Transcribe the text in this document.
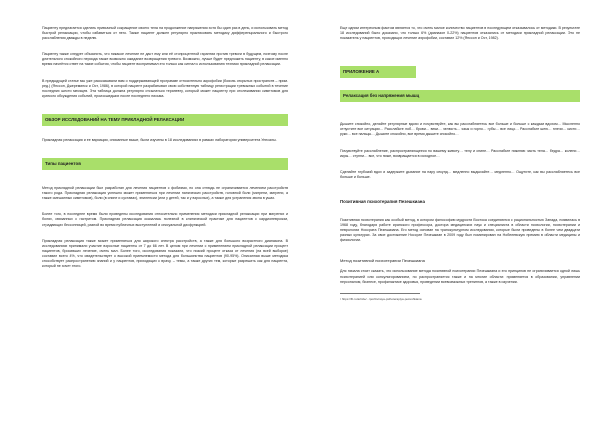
Пациенту предлагается сделать привычный сокращение своего тела на продолжение напряжения хотя бы один раз в день, и использовать метод быстрой релаксации, чтобы избавиться от него. Также пациент должен регулярно практиковать методику дифференциального и быстрого расслабления дважды в неделю.

Пациенту также следует объяснить, что никакое лечение не даст ему или её стопроцентной гарантии против тревоги в будущем, поэтому после длительного спокойного периода также возможно ожидание возвращения тревоги. Возможно, лучше будет предложить пациенту, в какое именно время начнётся ответ на такие события, чтобы пациент воспринимал это только как сигнал к использованию техники прикладной релаксации.

В предыдущей статье мы уже рассказывали вам о поддерживающей программе относительно акрофобии (боязнь открытых пространств – прим. ред.) (Янссон, Джереминск и Ост, 1986), в которой пациент разрабатывал свою собственную таблицу регистрации тревожных событий в течение последних шести месяцев. Эта таблица должна регулярно отсылаться терапевту, который может пациенту при отслеживании симптомов для краткого обсуждения событий, произошедших после последнего письма.

ОБЗОР ИССЛЕДОВАНИЙ НА ТЕМУ ПРИКЛАДНОЙ РЕЛАКСАЦИИ

Прикладная релаксация и ее вариации, описанные выше, были изучены в 18 исследованиях в рамках лаборатории университета Уппсалы.

Типы пациентов

Метод прикладной релаксации был разработан для лечения пациентов с фобиями, но она отнюдь не ограничивается лечением расстройств такого рода. Прикладная релаксация успешно может применяться при лечении панических расстройств, головной боли (мигрени, мигрени, а также смешанных симптомов), боли (в спине и суставах), эпилепсии (или у детей, так и у взрослых), а также для устранения звона в ушах.

Более того, в последнее время были проведены исследования относительно применения методики прикладной релаксации при мигренях и болях, связанных с гастритом. Прикладная релаксация оказалась полезной в клинической практике для пациентов с кардионеврозом, страдающих бессонницей, разной во время публичных выступлений и сексуальной дисфункцией.

Прикладная релаксация также может применяться для широкого спектра расстройств, а также для большого возрастного диапазона. В исследованиях принимали участие взрослые пациенты от 7 до 66 лет. В целом при лечении с применением прикладной релаксации процент пациентов, бросивших лечение, очень мал. Более того, исследования показали, что низкий процент отказа от лечения (на всей выборке) составил всего 4%, что свидетельствует о высокой приемлемости метода для большинства пациентов (90-95%). Описанная выше методика способствует распространению знаний и у пациентов, приходящих к врачу, – темы, а также других тем, которые разрешить как для пациента, который не хочет этого.

Еще одним интересным фактом является то, что очень малое количество пациентов в последующем отказывалось от методики. В результате 18 исследований было доказано, что только 6% (диапазон 0-22%) пациентов отказались от методики прикладной релаксации. Это не показатель у пациентов, проходящих лечение аэрофобии, составил 12% (Янссон и Ост, 1982).

ПРИЛОЖЕНИЕ А
Релаксация без напряжения мышц

Дышите спокойно, делайте регулярные вдохи и почувствуйте, как вы расслабляетесь все больше и больше с каждым вдохом… Мысленно отпустите все ситуации… Расслабьте лоб… брови… веки… челюсть… язык и горло… губы… все лицо… Расслабьте шею… плечи… кисти… руки… все пальцы… Дышите спокойно, все время дышите спокойно…

Почувствуйте расслабление, распространяющееся по вашему животу… телу и спине… Расслабьте нижнюю часть тела… бедра… колени… икры… ступни… все, что ниже, возвращается в исходное…

Сделайте глубокий вдох и задержите дыхание на пару секунд… медленно выдыхайте… медленно… Ощутите, как вы расслабляетесь все больше и больше.

Позитивная психотерапия Пезешкиана

Позитивная психотерапия как особый метод, в котором философию мудрости Востока соединяются с рациональностью Запада, появилась в 1968 году, благодаря работе иранского профессора, доктора медицинских наук и специалиста в области психологии, психотерапии и неврологии Носсрата Пезешкиана. Его метод основан на транскультурном исследовании, которые были проведены в более чем двадцати разных культурах. За свое достижение Носсрат Пезешкиан в 2009 году был номинирован на Нобелевскую премию в области медицины и физиологии.

Метод позитивной психотерапии Пезешкиана

Для начала стоит сказать, что использование метода позитивной психотерапии Пезешкиана и его принципов не ограничивается одной лишь психотерапией или консультированием, но распространяется также и на многие области: применяется в образовании, управлении персоналом, бизнесе, профилактике здоровья, проведении всевозможных тренингов, а также в изучении.

¹ https://fb.ru/article/.../pozitivnaya-psihoterapiya-pezeshkiana
